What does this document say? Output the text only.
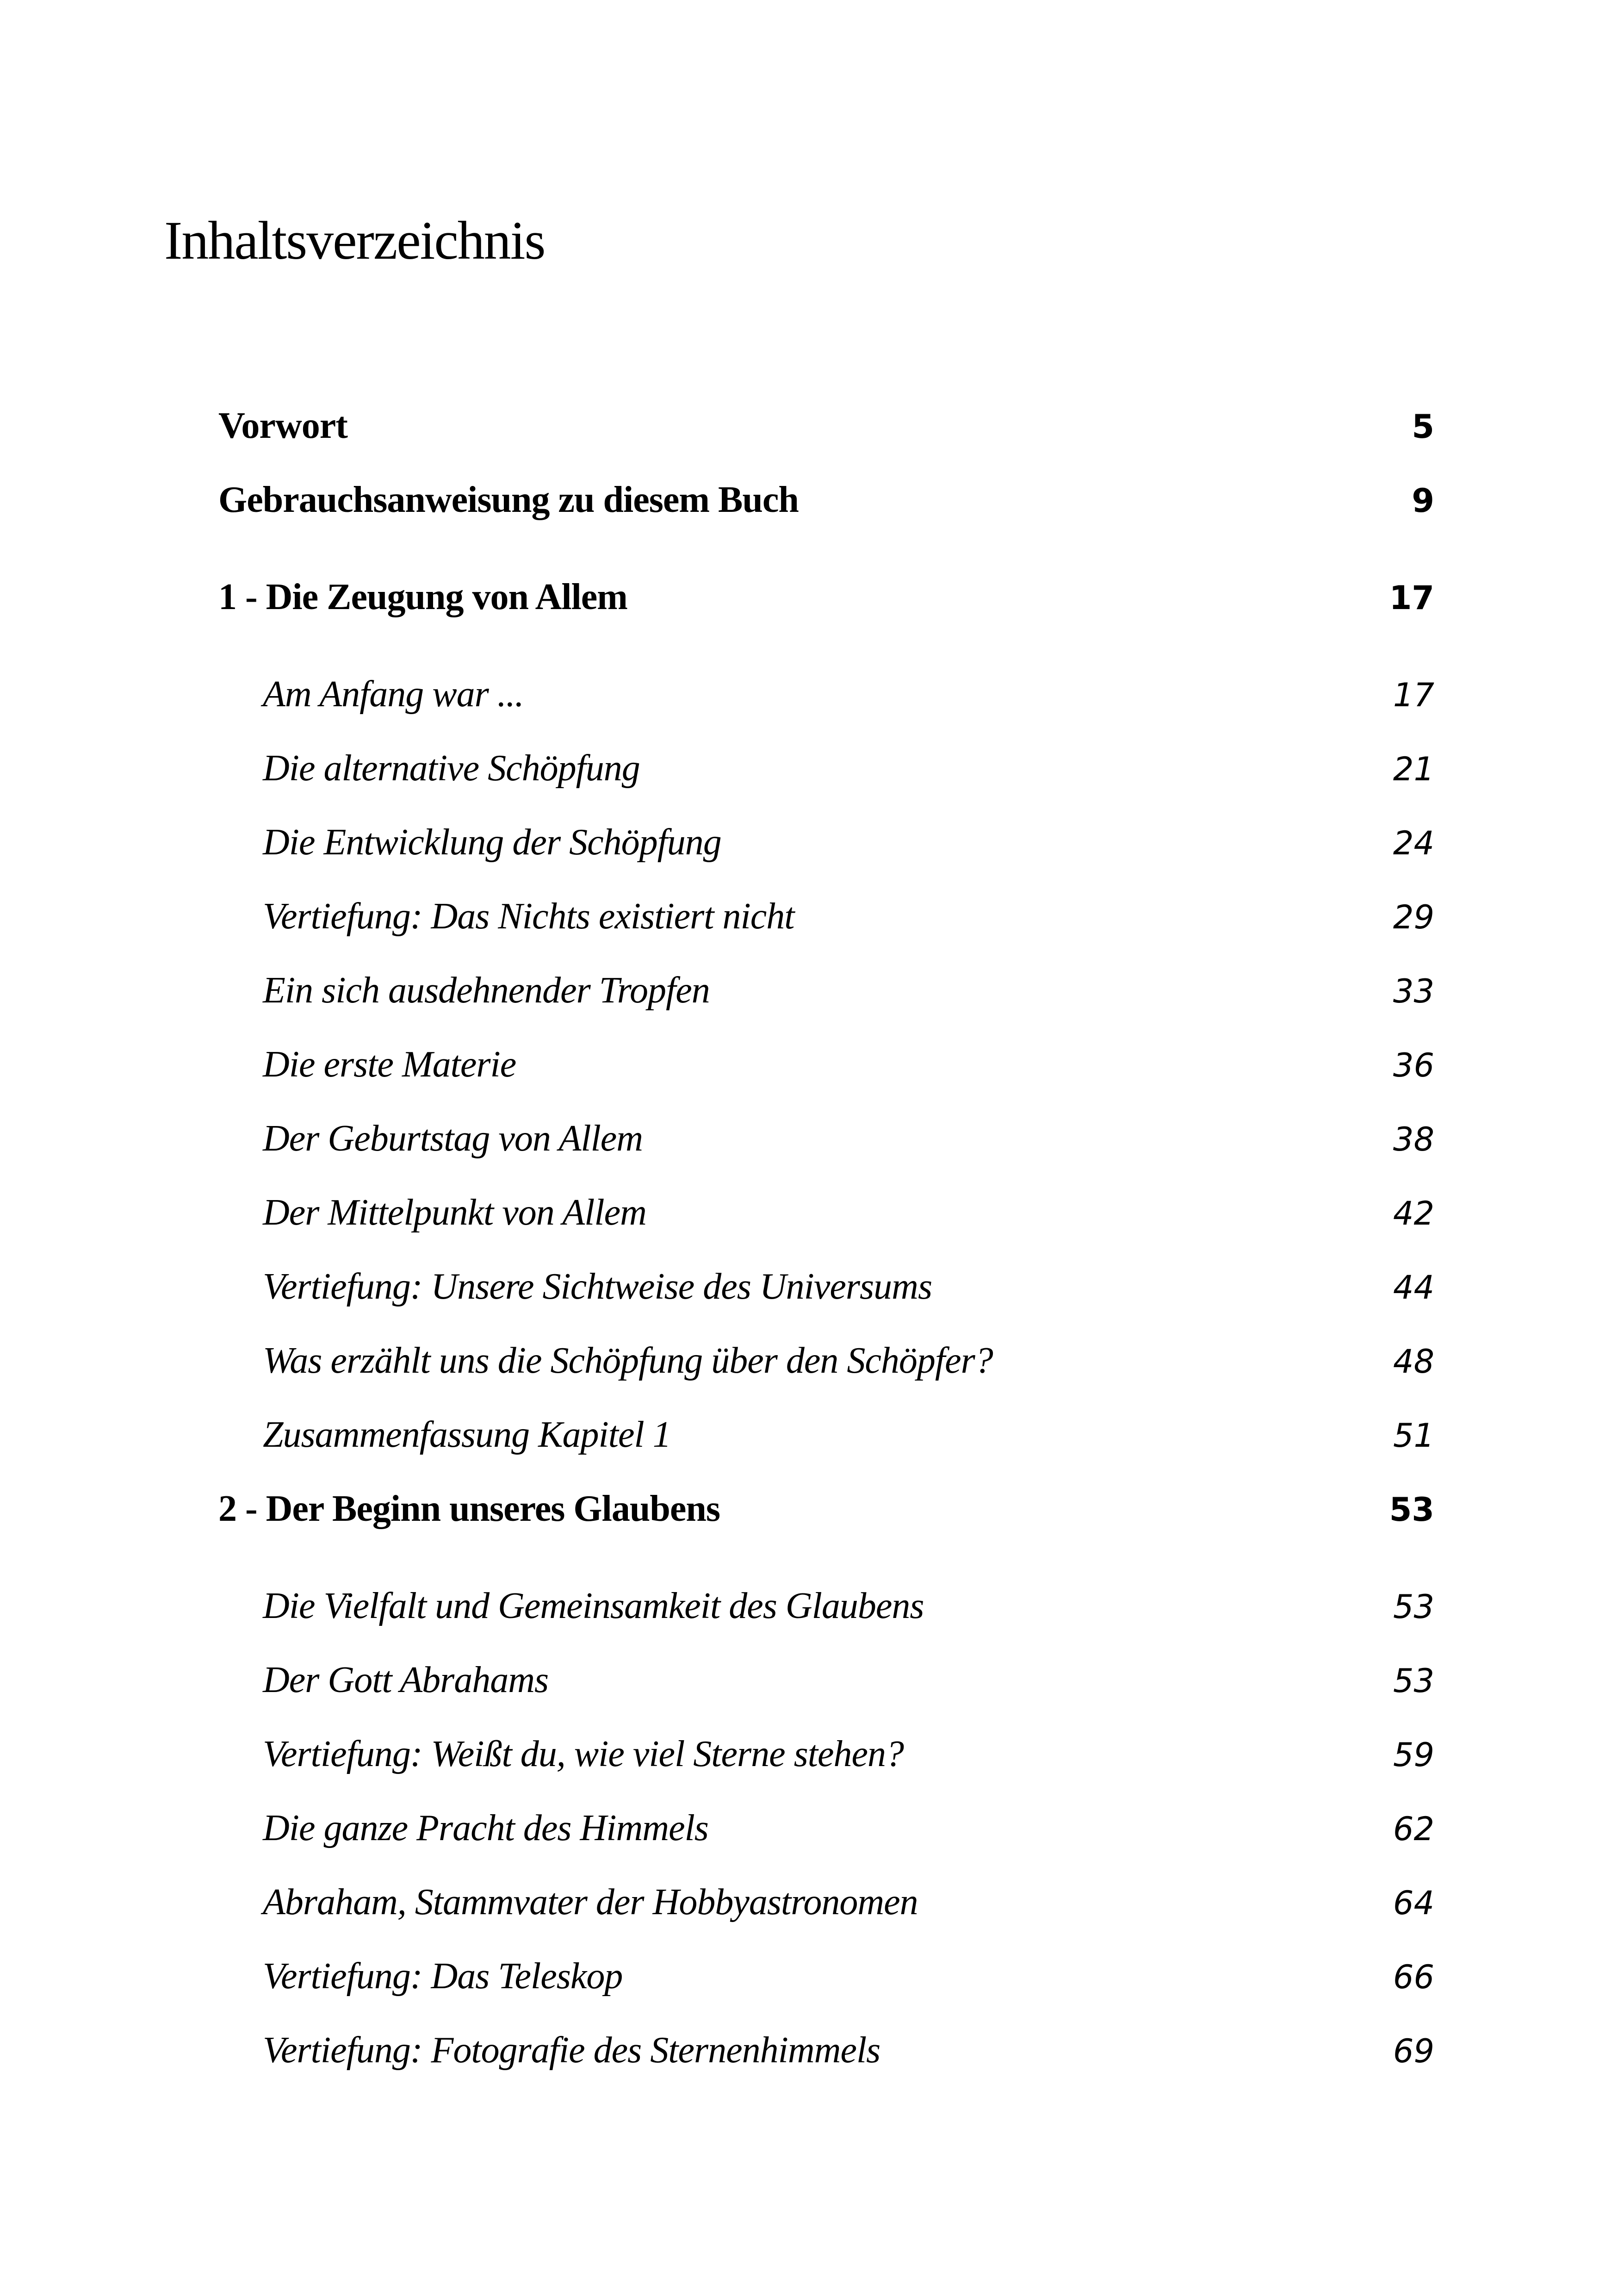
Inhaltsverzeichnis
Vorwort	5
Gebrauchsanweisung zu diesem Buch	9
1 - Die Zeugung von Allem	17
Am Anfang war ...	17
Die alternative Schöpfung	21
Die Entwicklung der Schöpfung	24
Vertiefung: Das Nichts existiert nicht	29
Ein sich ausdehnender Tropfen	33
Die erste Materie	36
Der Geburtstag von Allem	38
Der Mittelpunkt von Allem	42
Vertiefung: Unsere Sichtweise des Universums	44
Was erzählt uns die Schöpfung über den Schöpfer?	48
Zusammenfassung Kapitel 1	51
2 - Der Beginn unseres Glaubens	53
Die Vielfalt und Gemeinsamkeit des Glaubens	53
Der Gott Abrahams	53
Vertiefung: Weißt du, wie viel Sterne stehen?	59
Die ganze Pracht des Himmels	62
Abraham, Stammvater der Hobbyastronomen	64
Vertiefung: Das Teleskop	66
Vertiefung: Fotografie des Sternenhimmels	69
